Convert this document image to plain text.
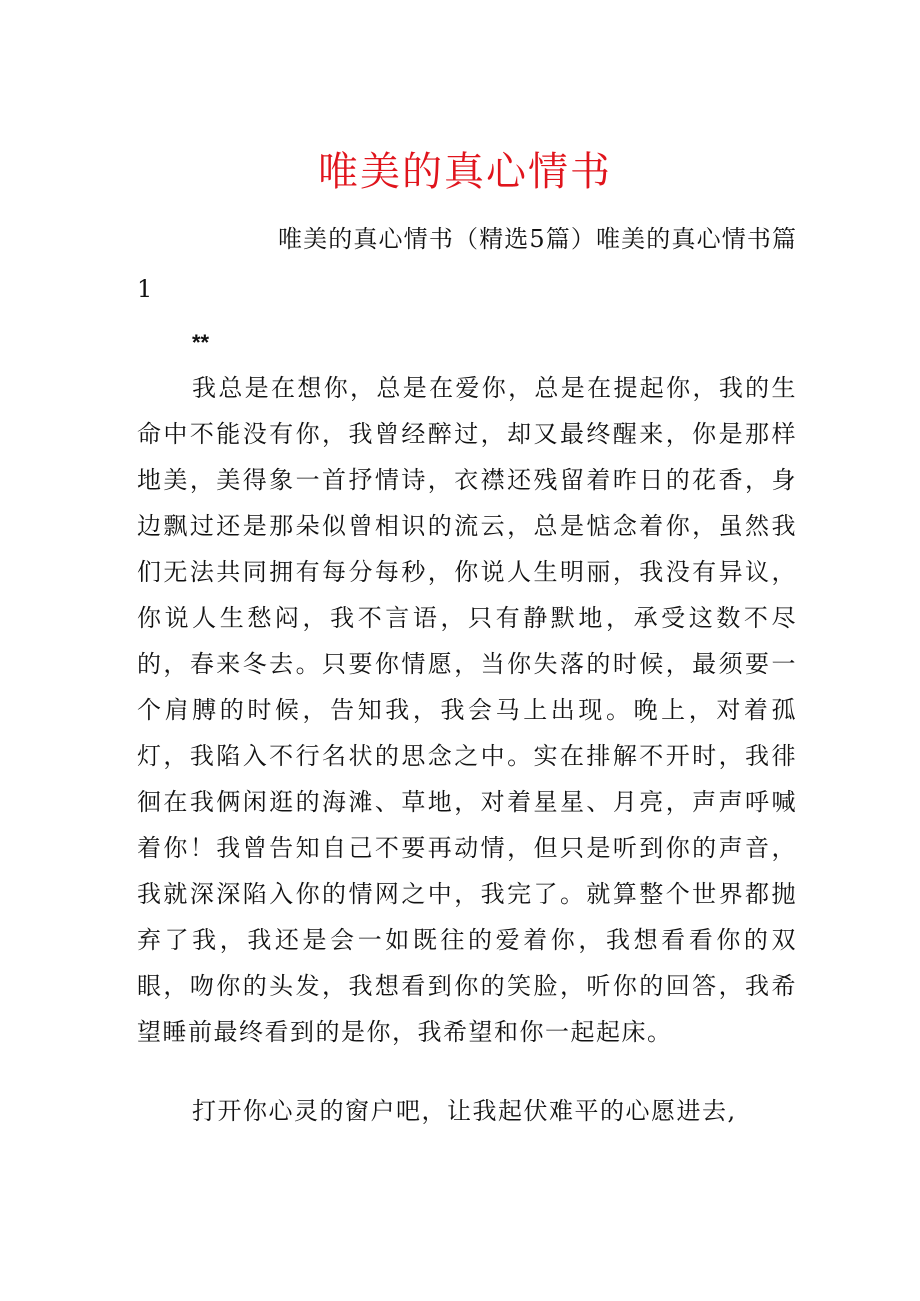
唯美的真心情书
唯美的真心情书（精选5篇）唯美的真心情书篇1
**

我总是在想你，总是在爱你，总是在提起你，我的生命中不能没有你，我曾经醉过，却又最终醒来，你是那样地美，美得象一首抒情诗，衣襟还残留着昨日的花香，身边飘过还是那朵似曾相识的流云，总是惦念着你，虽然我们无法共同拥有每分每秒，你说人生明丽，我没有异议，你说人生愁闷，我不言语，只有静默地，承受这数不尽的，春来冬去。只要你情愿，当你失落的时候，最须要一个肩膊的时候，告知我，我会马上出现。晚上，对着孤灯，我陷入不行名状的思念之中。实在排解不开时，我徘徊在我俩闲逛的海滩、草地，对着星星、月亮，声声呼喊着你！我曾告知自己不要再动情，但只是听到你的声音，我就深深陷入你的情网之中，我完了。就算整个世界都抛弃了我，我还是会一如既往的爱着你，我想看看你的双眼，吻你的头发，我想看到你的笑脸，听你的回答，我希望睡前最终看到的是你，我希望和你一起起床。

打开你心灵的窗户吧，让我起伏难平的心愿进去,
